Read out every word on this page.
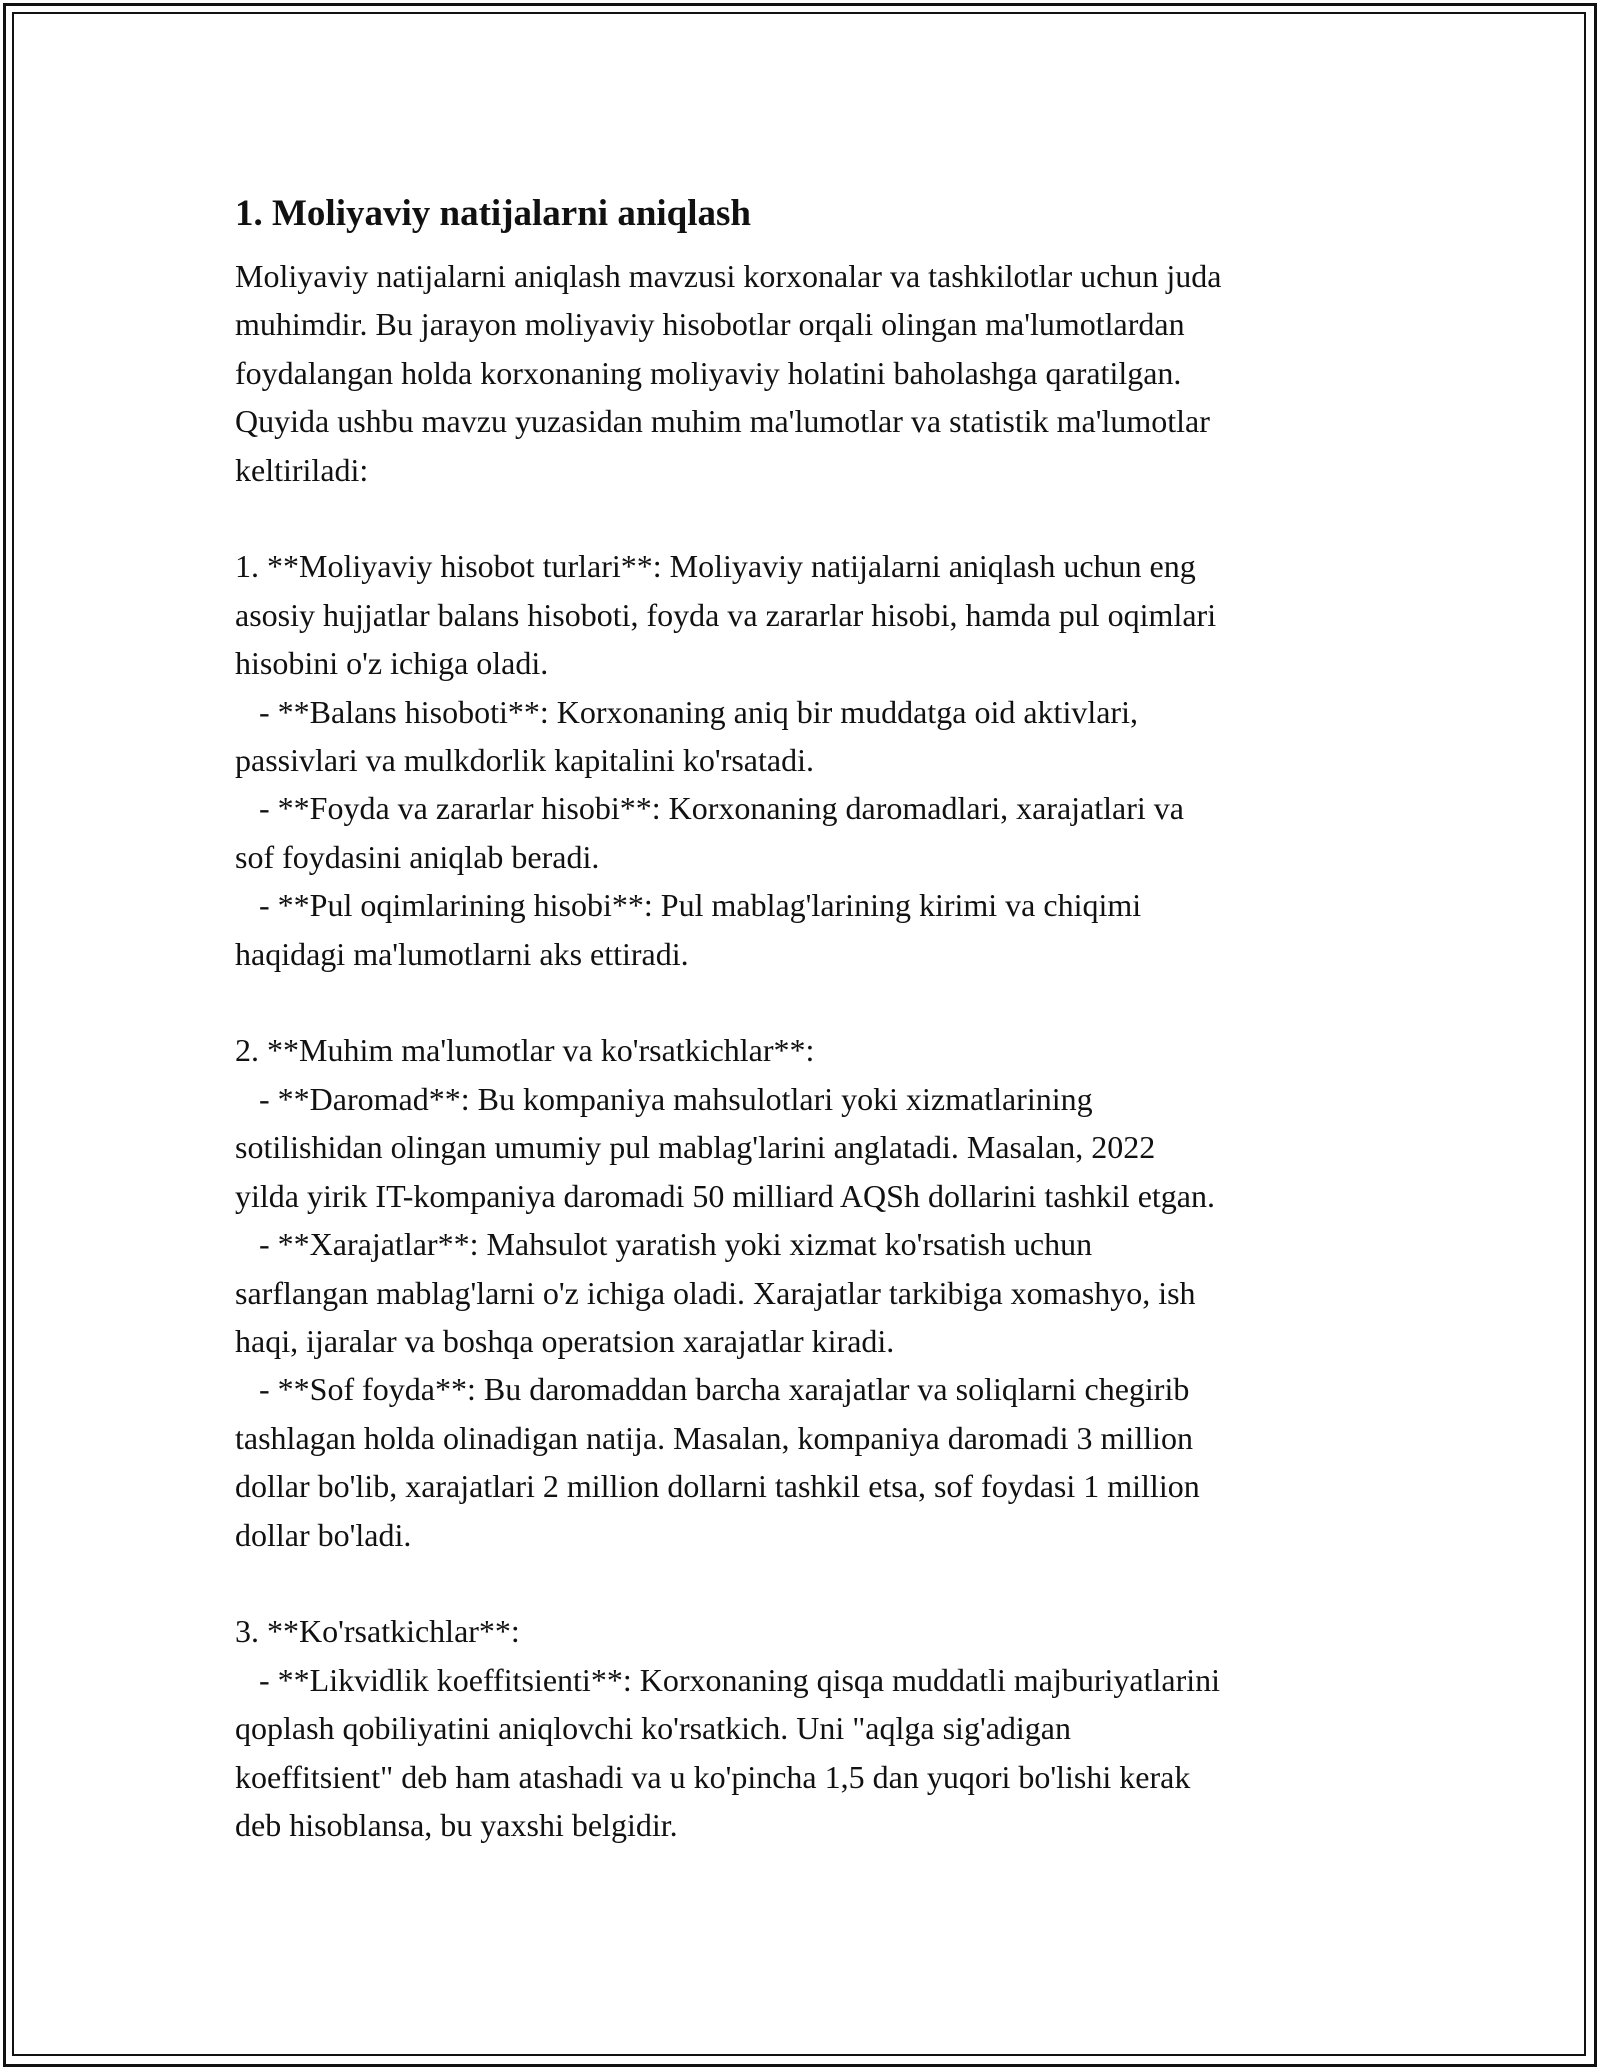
1. Moliyaviy natijalarni aniqlash
Moliyaviy natijalarni aniqlash mavzusi korxonalar va tashkilotlar uchun juda
muhimdir. Bu jarayon moliyaviy hisobotlar orqali olingan ma'lumotlardan
foydalangan holda korxonaning moliyaviy holatini baholashga qaratilgan.
Quyida ushbu mavzu yuzasidan muhim ma'lumotlar va statistik ma'lumotlar
keltiriladi:
1. **Moliyaviy hisobot turlari**: Moliyaviy natijalarni aniqlash uchun eng
asosiy hujjatlar balans hisoboti, foyda va zararlar hisobi, hamda pul oqimlari
hisobini o'z ichiga oladi.
- **Balans hisoboti**: Korxonaning aniq bir muddatga oid aktivlari,
passivlari va mulkdorlik kapitalini ko'rsatadi.
- **Foyda va zararlar hisobi**: Korxonaning daromadlari, xarajatlari va
sof foydasini aniqlab beradi.
- **Pul oqimlarining hisobi**: Pul mablag'larining kirimi va chiqimi
haqidagi ma'lumotlarni aks ettiradi.
2. **Muhim ma'lumotlar va ko'rsatkichlar**:
- **Daromad**: Bu kompaniya mahsulotlari yoki xizmatlarining
sotilishidan olingan umumiy pul mablag'larini anglatadi. Masalan, 2022
yilda yirik IT-kompaniya daromadi 50 milliard AQSh dollarini tashkil etgan.
- **Xarajatlar**: Mahsulot yaratish yoki xizmat ko'rsatish uchun
sarflangan mablag'larni o'z ichiga oladi. Xarajatlar tarkibiga xomashyo, ish
haqi, ijaralar va boshqa operatsion xarajatlar kiradi.
- **Sof foyda**: Bu daromaddan barcha xarajatlar va soliqlarni chegirib
tashlagan holda olinadigan natija. Masalan, kompaniya daromadi 3 million
dollar bo'lib, xarajatlari 2 million dollarni tashkil etsa, sof foydasi 1 million
dollar bo'ladi.
3. **Ko'rsatkichlar**:
- **Likvidlik koeffitsienti**: Korxonaning qisqa muddatli majburiyatlarini
qoplash qobiliyatini aniqlovchi ko'rsatkich. Uni "aqlga sig'adigan
koeffitsient" deb ham atashadi va u ko'pincha 1,5 dan yuqori bo'lishi kerak
deb hisoblansa, bu yaxshi belgidir.
